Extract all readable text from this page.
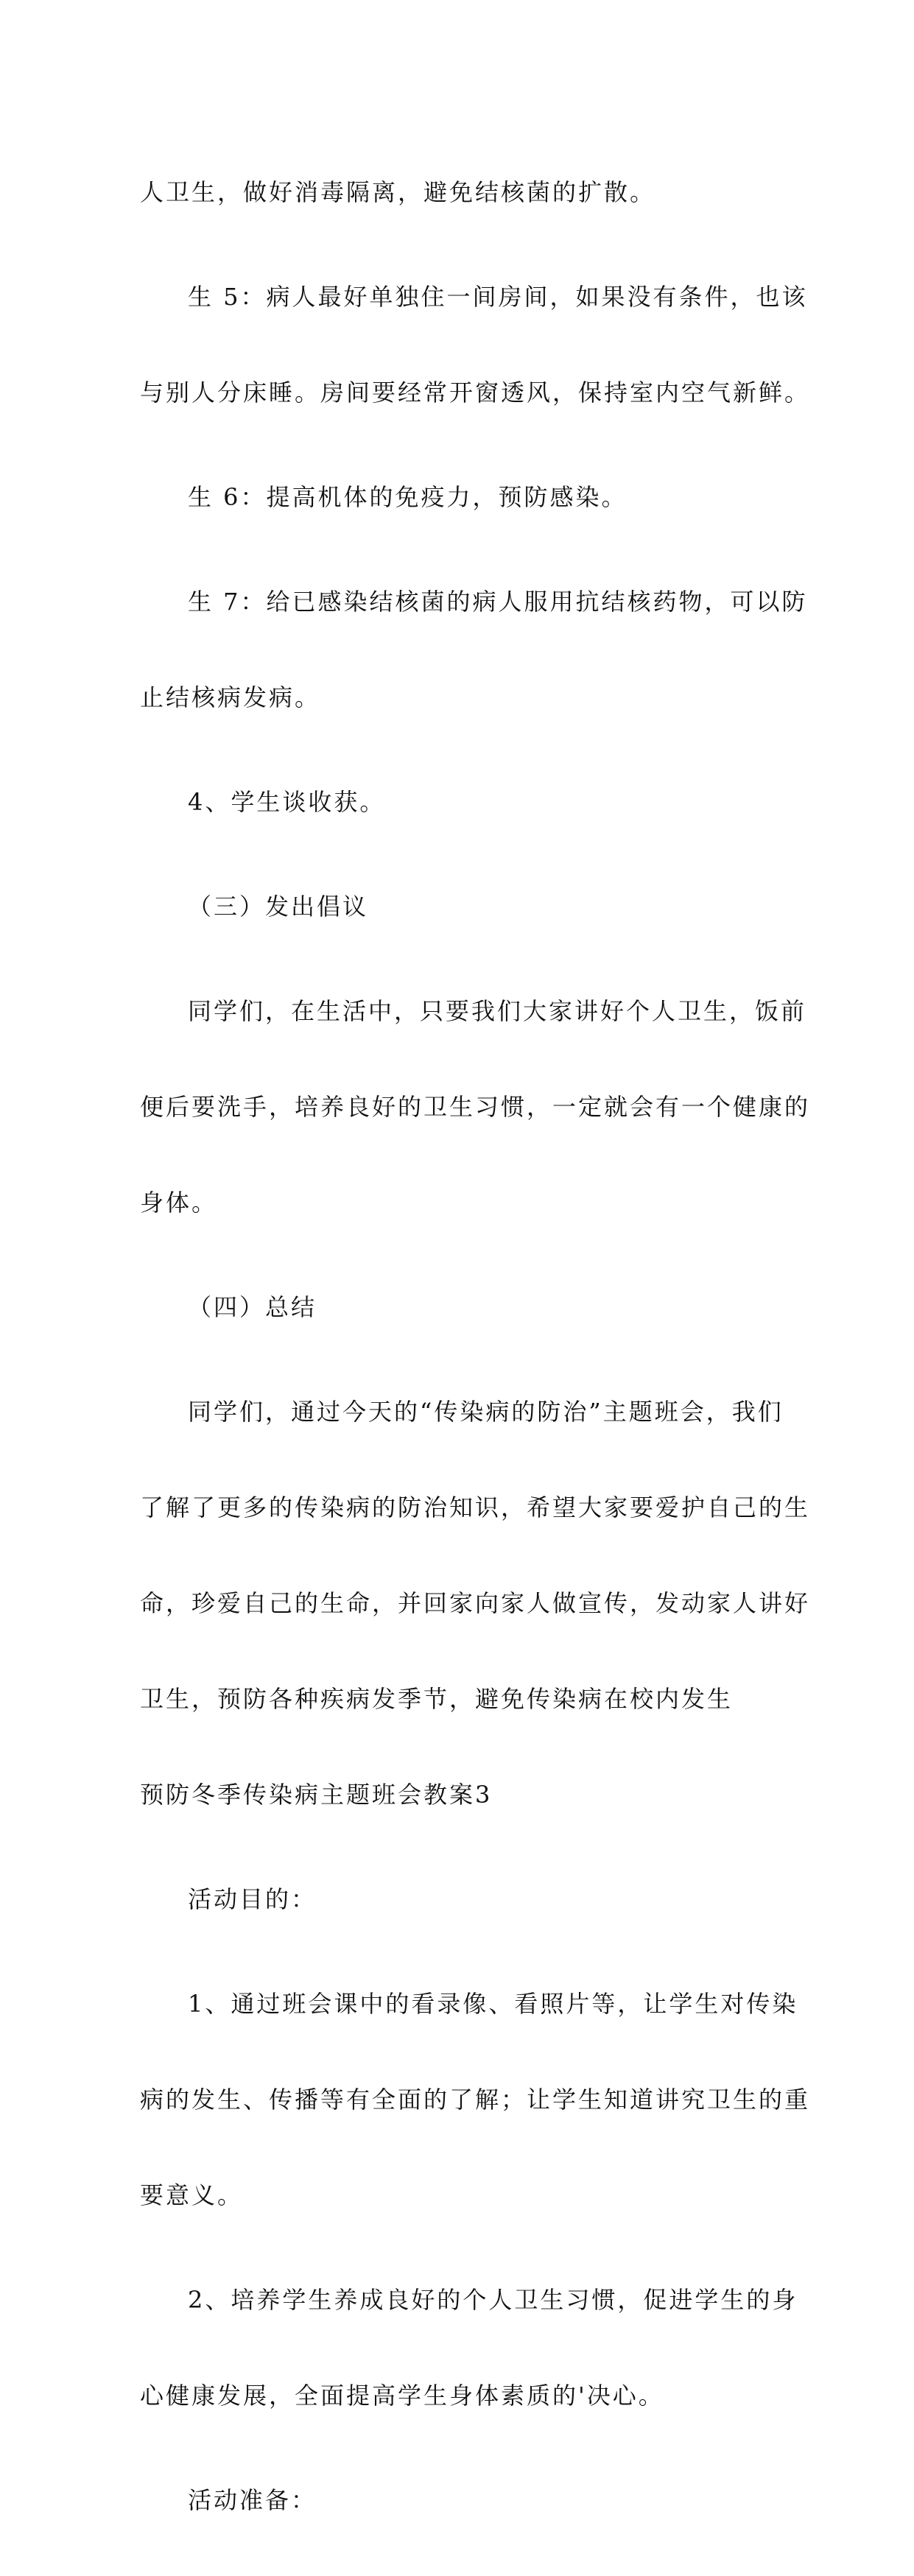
人卫生，做好消毒隔离，避免结核菌的扩散。

生 5：病人最好单独住一间房间，如果没有条件，也该

与别人分床睡。房间要经常开窗透风，保持室内空气新鲜。

生 6：提高机体的免疫力，预防感染。

生 7：给已感染结核菌的病人服用抗结核药物，可以防

止结核病发病。

4、学生谈收获。

（三）发出倡议

同学们，在生活中，只要我们大家讲好个人卫生，饭前

便后要洗手，培养良好的卫生习惯，一定就会有一个健康的

身体。

（四）总结

同学们，通过今天的“传染病的防治”主题班会，我们

了解了更多的传染病的防治知识，希望大家要爱护自己的生

命，珍爱自己的生命，并回家向家人做宣传，发动家人讲好

卫生，预防各种疾病发季节，避免传染病在校内发生

预防冬季传染病主题班会教案3

活动目的：

1、通过班会课中的看录像、看照片等，让学生对传染

病的发生、传播等有全面的了解；让学生知道讲究卫生的重

要意义。

2、培养学生养成良好的个人卫生习惯，促进学生的身

心健康发展，全面提高学生身体素质的'决心。

活动准备：
